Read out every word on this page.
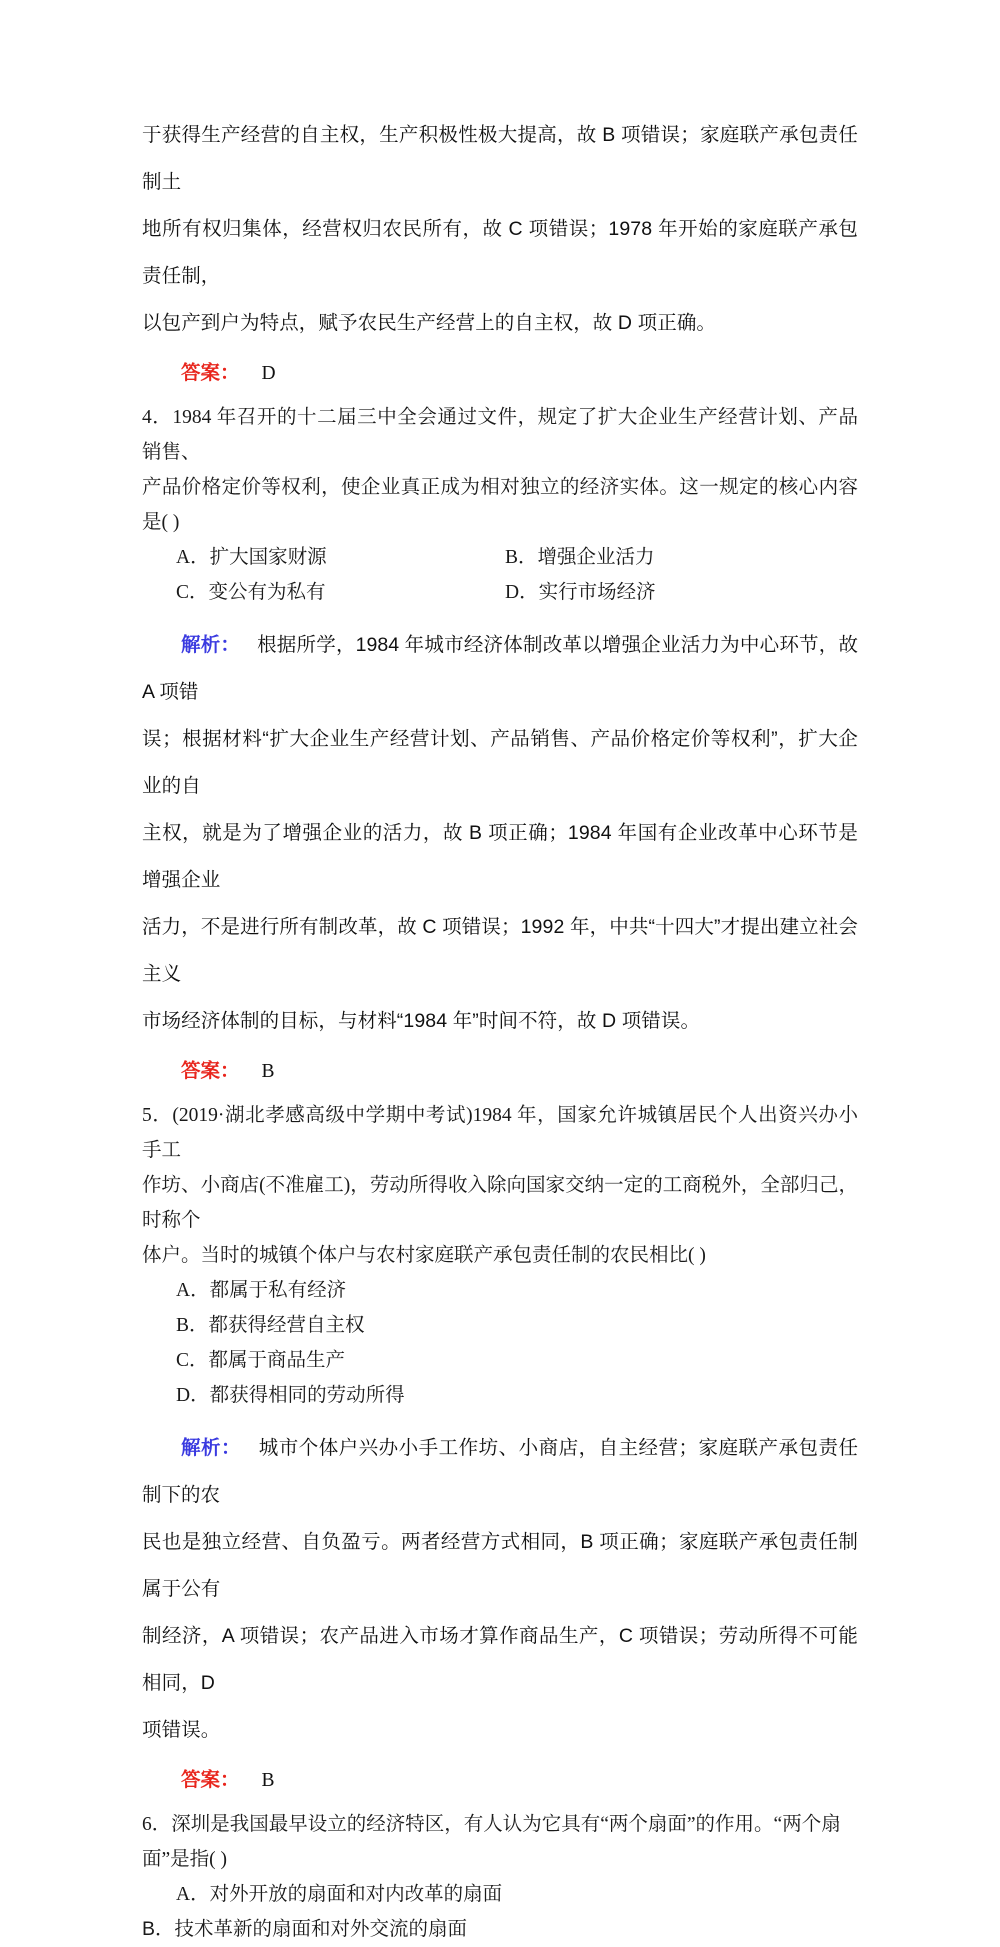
于获得生产经营的自主权，生产积极性极大提高，故 B 项错误；家庭联产承包责任制土

地所有权归集体，经营权归农民所有，故 C 项错误；1978 年开始的家庭联产承包责任制，

以包产到户为特点，赋予农民生产经营上的自主权，故 D 项正确。

答案： D

4．1984 年召开的十二届三中全会通过文件，规定了扩大企业生产经营计划、产品销售、

产品价格定价等权利，使企业真正成为相对独立的经济实体。这一规定的核心内容是( )

A．扩大国家财源	B．增强企业活力
C．变公有为私有	D．实行市场经济

解析： 根据所学，1984 年城市经济体制改革以增强企业活力为中心环节，故 A 项错

误；根据材料“扩大企业生产经营计划、产品销售、产品价格定价等权利”，扩大企业的自

主权，就是为了增强企业的活力，故 B 项正确；1984 年国有企业改革中心环节是增强企业

活力，不是进行所有制改革，故 C 项错误；1992 年，中共“十四大”才提出建立社会主义

市场经济体制的目标，与材料“1984 年”时间不符，故 D 项错误。

答案： B

5．(2019·湖北孝感高级中学期中考试)1984 年，国家允许城镇居民个人出资兴办小手工

作坊、小商店(不准雇工)，劳动所得收入除向国家交纳一定的工商税外，全部归己，时称个

体户。当时的城镇个体户与农村家庭联产承包责任制的农民相比( )

A．都属于私有经济
B．都获得经营自主权
C．都属于商品生产
D．都获得相同的劳动所得

解析： 城市个体户兴办小手工作坊、小商店，自主经营；家庭联产承包责任制下的农

民也是独立经营、自负盈亏。两者经营方式相同，B 项正确；家庭联产承包责任制属于公有

制经济，A 项错误；农产品进入市场才算作商品生产，C 项错误；劳动所得不可能相同，D

项错误。

答案： B

6．深圳是我国最早设立的经济特区，有人认为它具有“两个扇面”的作用。“两个扇

面”是指( )

A．对外开放的扇面和对内改革的扇面
B．技术革新的扇面和对外交流的扇面
